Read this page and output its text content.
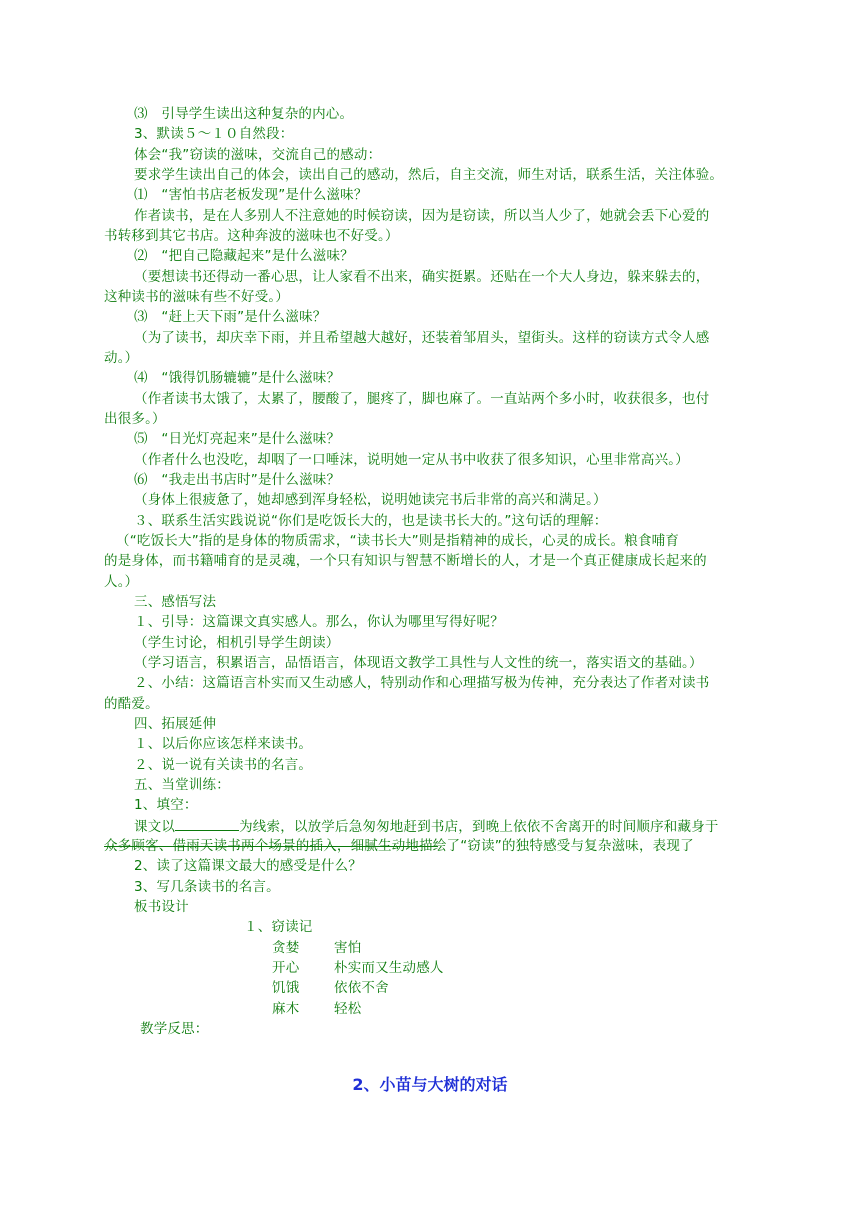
⑶　引导学生读出这种复杂的内心。
3、默读５～１０自然段：
体会“我”窃读的滋味，交流自己的感动：
要求学生读出自己的体会，读出自己的感动，然后，自主交流，师生对话，联系生活，关注体验。
⑴　“害怕书店老板发现”是什么滋味？
作者读书，是在人多别人不注意她的时候窃读，因为是窃读，所以当人少了，她就会丢下心爱的
书转移到其它书店。这种奔波的滋味也不好受。）
⑵　“把自己隐藏起来”是什么滋味？
（要想读书还得动一番心思，让人家看不出来，确实挺累。还贴在一个大人身边，躲来躲去的，
这种读书的滋味有些不好受。）
⑶　“赶上天下雨”是什么滋味？
（为了读书，却庆幸下雨，并且希望越大越好，还装着邹眉头，望街头。这样的窃读方式令人感
动。）
⑷　“饿得饥肠辘辘”是什么滋味？
（作者读书太饿了，太累了，腰酸了，腿疼了，脚也麻了。一直站两个多小时，收获很多，也付
出很多。）
⑸　“日光灯亮起来”是什么滋味？
（作者什么也没吃，却咽了一口唾沫，说明她一定从书中收获了很多知识，心里非常高兴。）
⑹　“我走出书店时”是什么滋味？
（身体上很疲惫了，她却感到浑身轻松，说明她读完书后非常的高兴和满足。）
３、联系生活实践说说“你们是吃饭长大的，也是读书长大的。”这句话的理解：
（“吃饭长大”指的是身体的物质需求，“读书长大”则是指精神的成长，心灵的成长。粮食哺育
的是身体，而书籍哺育的是灵魂，一个只有知识与智慧不断增长的人，才是一个真正健康成长起来的
人。）
三、感悟写法
１、引导：这篇课文真实感人。那么，你认为哪里写得好呢？
（学生讨论，相机引导学生朗读）
（学习语言，积累语言，品悟语言，体现语文教学工具性与人文性的统一，落实语文的基础。）
２、小结：这篇语言朴实而又生动感人，特别动作和心理描写极为传神，充分表达了作者对读书
的酷爱。
四、拓展延伸
１、以后你应该怎样来读书。
２、说一说有关读书的名言。
五、当堂训练：
1、填空：
课文以	为线索，以放学后急匆匆地赶到书店，到晚上依依不舍离开的时间顺序和藏身于
众多顾客、借雨天读书两个场景的插入，细腻生动地描绘了“窃读”的独特感受与复杂滋味，表现了
2、读了这篇课文最大的感受是什么？
3、写几条读书的名言。
板书设计
１、窃读记
贪婪	害怕
开心	朴实而又生动感人
饥饿	依依不舍
麻木	轻松
教学反思：
2、小苗与大树的对话
